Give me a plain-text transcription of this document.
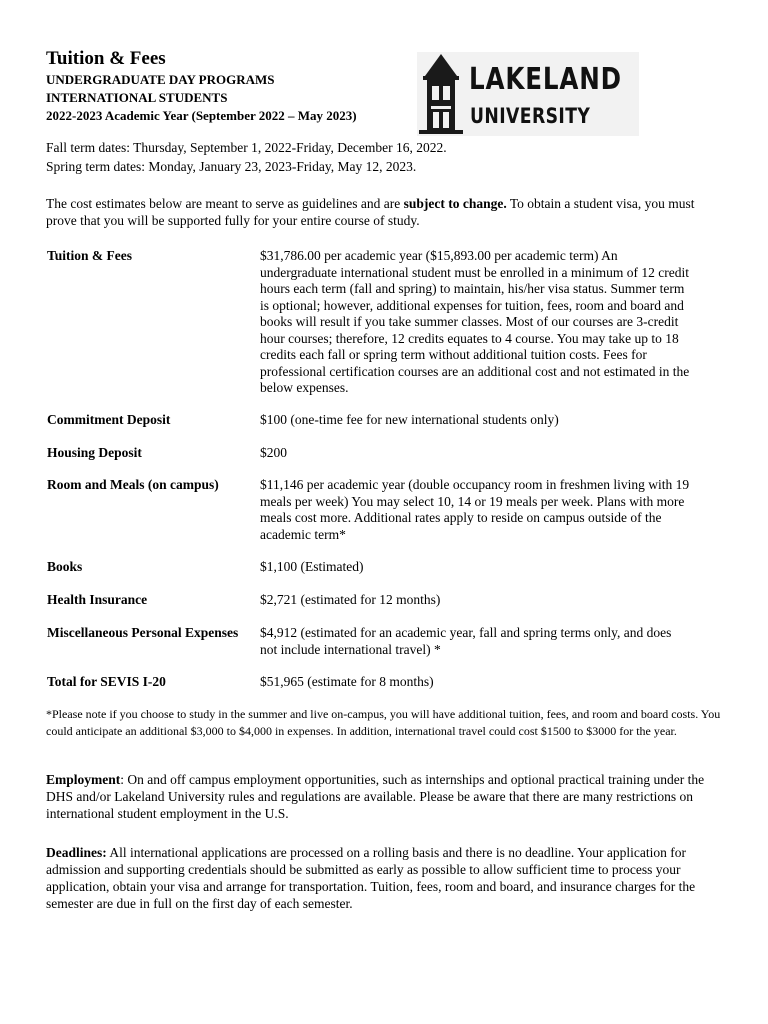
Tuition & Fees
UNDERGRADUATE DAY PROGRAMS
INTERNATIONAL STUDENTS
2022-2023 Academic Year (September 2022 – May 2023)
LAKELAND
UNIVERSITY
Fall term dates: Thursday, September 1, 2022-Friday, December 16, 2022.
Spring term dates: Monday, January 23, 2023-Friday, May 12, 2023.
The cost estimates below are meant to serve as guidelines and are subject to change. To obtain a student visa, you must prove that you will be supported fully for your entire course of study.
Tuition & Fees	$31,786.00 per academic year ($15,893.00 per academic term) An undergraduate international student must be enrolled in a minimum of 12 credit hours each term (fall and spring) to maintain, his/her visa status. Summer term is optional; however, additional expenses for tuition, fees, room and board and books will result if you take summer classes. Most of our courses are 3-credit hour courses; therefore, 12 credits equates to 4 course. You may take up to 18 credits each fall or spring term without additional tuition costs. Fees for professional certification courses are an additional cost and not estimated in the below expenses.
Commitment Deposit	$100 (one-time fee for new international students only)
Housing Deposit	$200
Room and Meals (on campus)	$11,146 per academic year (double occupancy room in freshmen living with 19 meals per week) You may select 10, 14 or 19 meals per week. Plans with more meals cost more. Additional rates apply to reside on campus outside of the academic term*
Books	$1,100 (Estimated)
Health Insurance	$2,721 (estimated for 12 months)
Miscellaneous Personal Expenses $4,912 (estimated for an academic year, fall and spring terms only, and does not include international travel) *
Total for SEVIS I-20	$51,965 (estimate for 8 months)
*Please note if you choose to study in the summer and live on-campus, you will have additional tuition, fees, and room and board costs. You could anticipate an additional $3,000 to $4,000 in expenses. In addition, international travel could cost $1500 to $3000 for the year.
Employment: On and off campus employment opportunities, such as internships and optional practical training under the DHS and/or Lakeland University rules and regulations are available. Please be aware that there are many restrictions on international student employment in the U.S.
Deadlines: All international applications are processed on a rolling basis and there is no deadline. Your application for admission and supporting credentials should be submitted as early as possible to allow sufficient time to process your application, obtain your visa and arrange for transportation. Tuition, fees, room and board, and insurance charges for the semester are due in full on the first day of each semester.
